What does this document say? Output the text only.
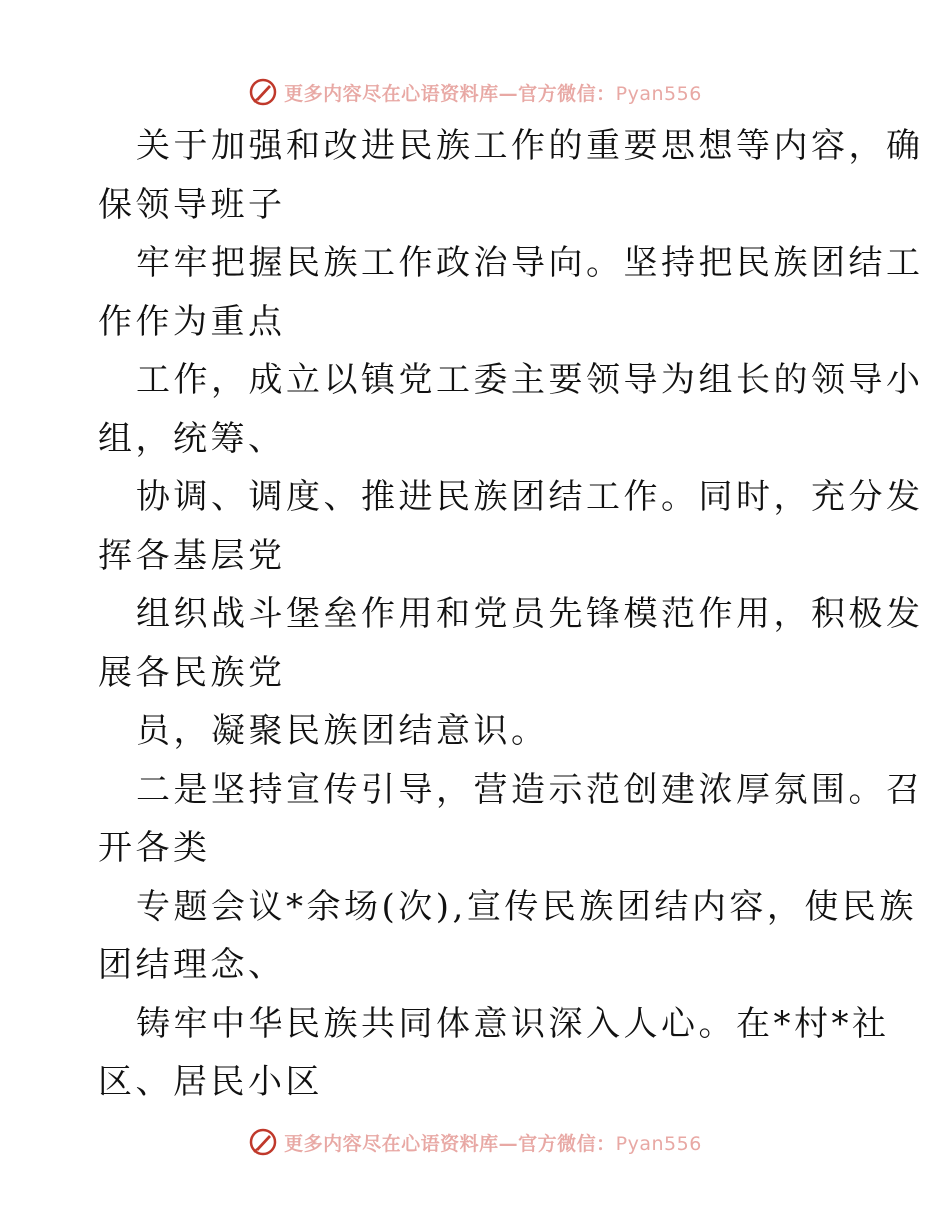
更多内容尽在心语资料库—官方微信：Pyan556
关于加强和改进民族工作的重要思想等内容，确
保领导班子
牢牢把握民族工作政治导向。坚持把民族团结工
作作为重点
工作，成立以镇党工委主要领导为组长的领导小
组，统筹、
协调、调度、推进民族团结工作。同时，充分发
挥各基层党
组织战斗堡垒作用和党员先锋模范作用，积极发
展各民族党
员，凝聚民族团结意识。
二是坚持宣传引导，营造示范创建浓厚氛围。召
开各类
专题会议*余场(次),宣传民族团结内容，使民族
团结理念、
铸牢中华民族共同体意识深入人心。在*村*社
区、居民小区
更多内容尽在心语资料库—官方微信：Pyan556
